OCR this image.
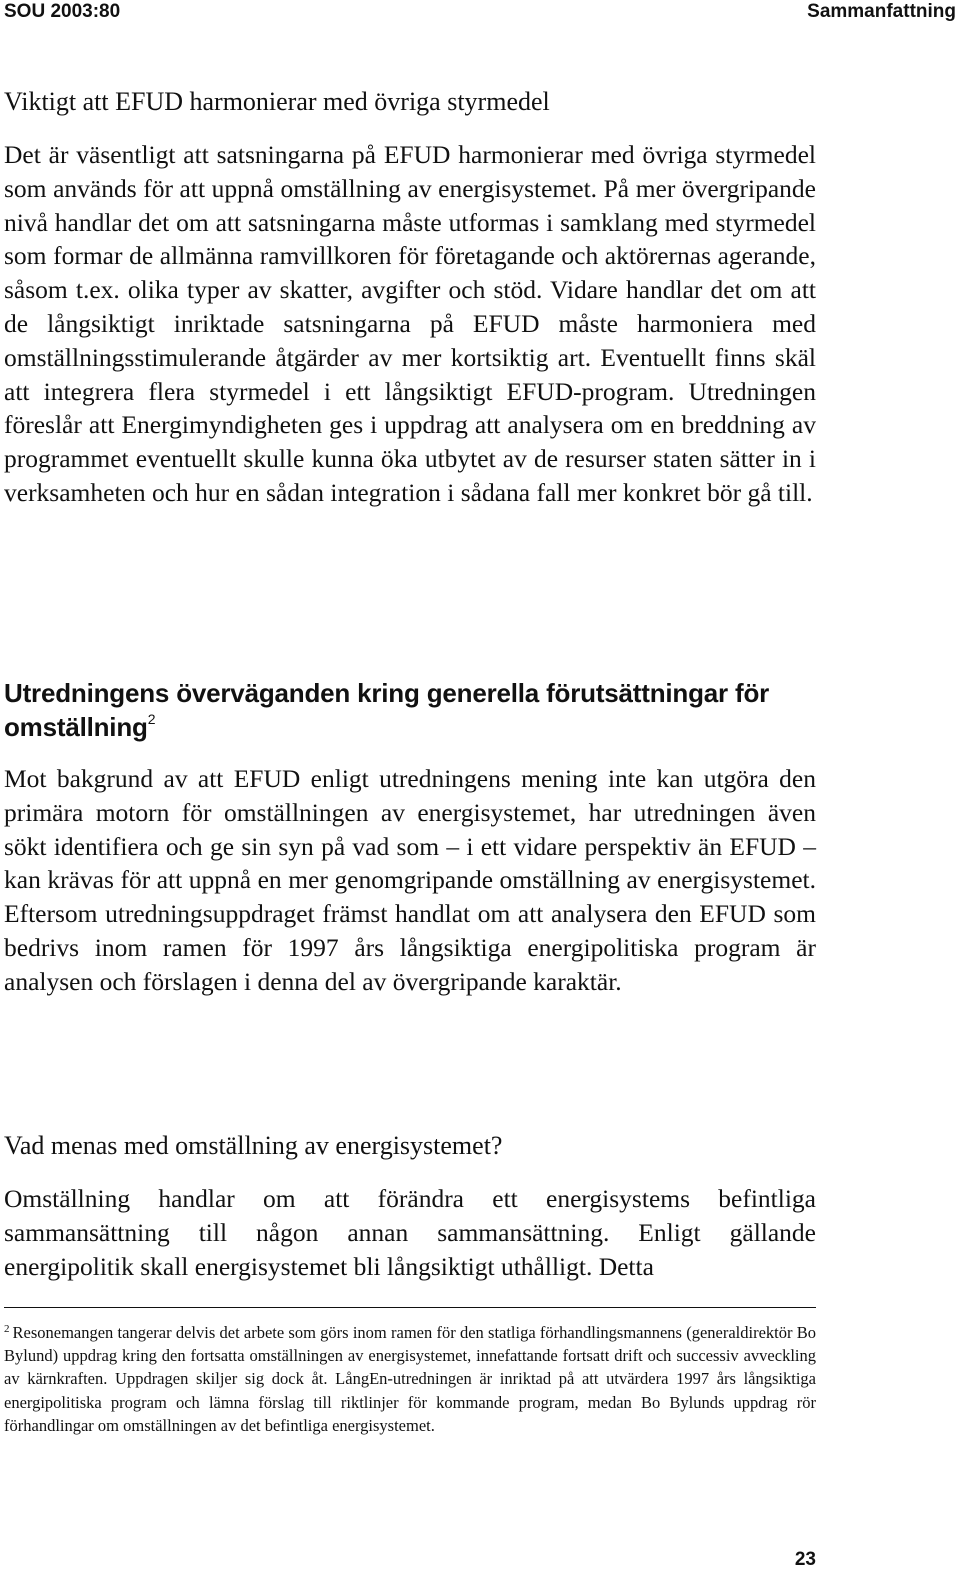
SOU 2003:80	Sammanfattning
Viktigt att EFUD harmonierar med övriga styrmedel

Det är väsentligt att satsningarna på EFUD harmonierar med övriga styrmedel som används för att uppnå omställning av energisystemet. På mer övergripande nivå handlar det om att satsningarna måste utformas i samklang med styrmedel som formar de allmänna ramvillkoren för företagande och aktörernas agerande, såsom t.ex. olika typer av skatter, avgifter och stöd. Vidare handlar det om att de långsiktigt inriktade satsningarna på EFUD måste harmoniera med omställningsstimulerande åtgärder av mer kortsiktig art. Eventuellt finns skäl att integrera flera styrmedel i ett långsiktigt EFUD-program. Utredningen föreslår att Energimyndigheten ges i uppdrag att analysera om en breddning av programmet eventuellt skulle kunna öka utbytet av de resurser staten sätter in i verksamheten och hur en sådan integration i sådana fall mer konkret bör gå till.

Utredningens överväganden kring generella förutsättningar för omställning$^2$

Mot bakgrund av att EFUD enligt utredningens mening inte kan utgöra den primära motorn för omställningen av energisystemet, har utredningen även sökt identifiera och ge sin syn på vad som – i ett vidare perspektiv än EFUD – kan krävas för att uppnå en mer genomgripande omställning av energisystemet. Eftersom utredningsuppdraget främst handlat om att analysera den EFUD som bedrivs inom ramen för 1997 års långsiktiga energipolitiska program är analysen och förslagen i denna del av övergripande karaktär.

Vad menas med omställning av energisystemet?

Omställning handlar om att förändra ett energisystems befintliga sammansättning till någon annan sammansättning. Enligt gällande energipolitik skall energisystemet bli långsiktigt uthålligt. Detta

$^2$ Resonemangen tangerar delvis det arbete som görs inom ramen för den statliga förhandlingsmannens (generaldirektör Bo Bylund) uppdrag kring den fortsatta omställningen av energisystemet, innefattande fortsatt drift och successiv avveckling av kärnkraften. Uppdragen skiljer sig dock åt. LångEn-utredningen är inriktad på att utvärdera 1997 års långsiktiga energipolitiska program och lämna förslag till riktlinjer för kommande program, medan Bo Bylunds uppdrag rör förhandlingar om omställningen av det befintliga energisystemet.

23
